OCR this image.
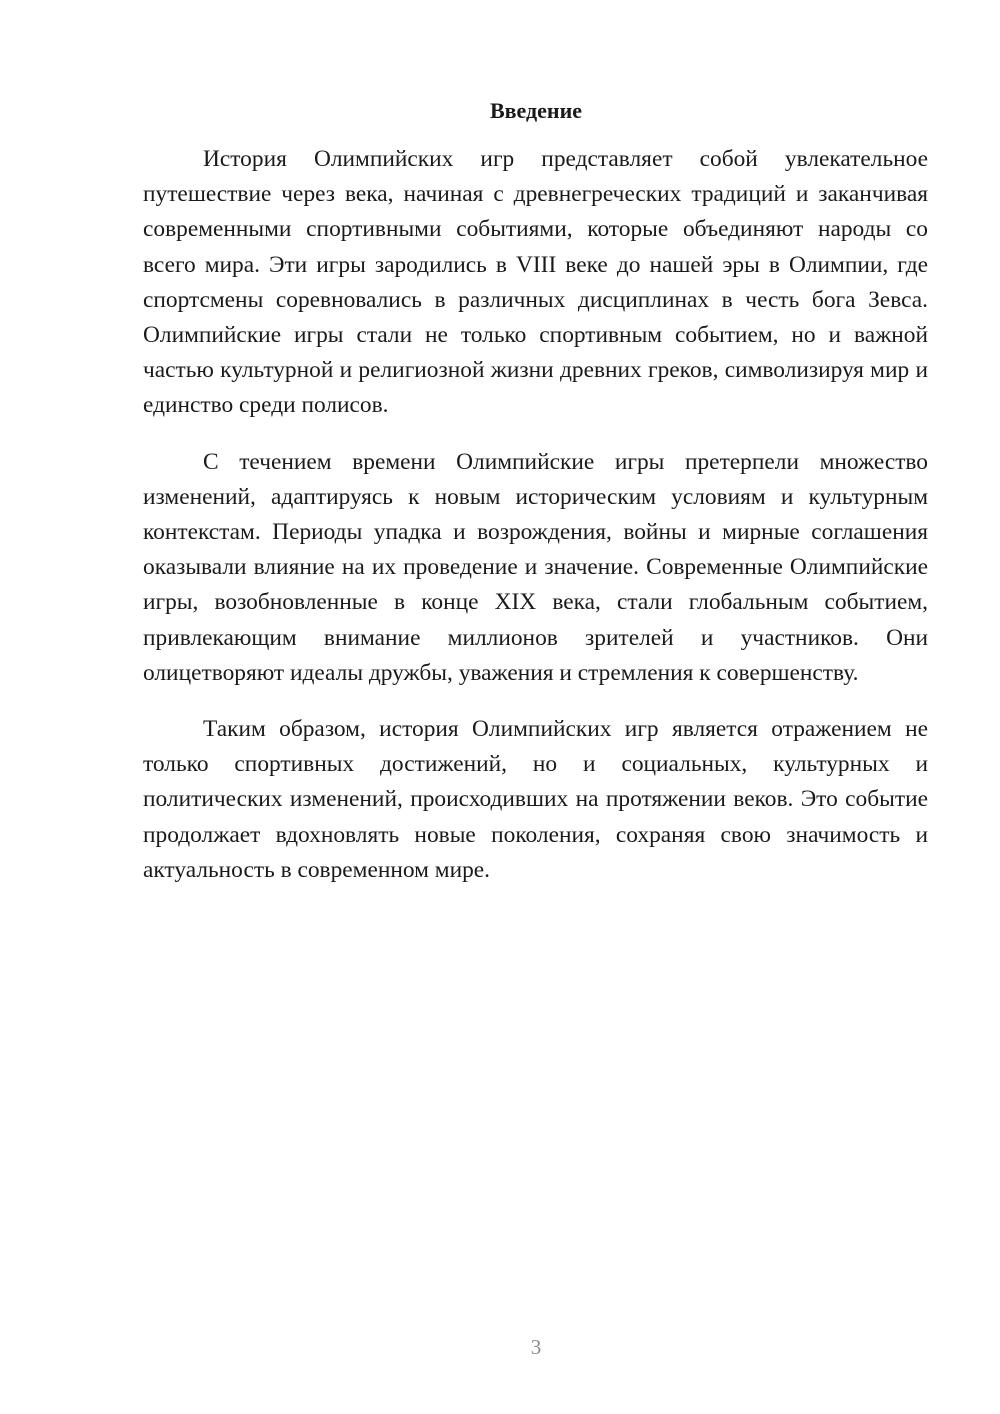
Введение

История Олимпийских игр представляет собой увлекательное путешествие через века, начиная с древнегреческих традиций и заканчивая современными спортивными событиями, которые объединяют народы со всего мира. Эти игры зародились в VIII веке до нашей эры в Олимпии, где спортсмены соревновались в различных дисциплинах в честь бога Зевса. Олимпийские игры стали не только спортивным событием, но и важной частью культурной и религиозной жизни древних греков, символизируя мир и единство среди полисов.

С течением времени Олимпийские игры претерпели множество изменений, адаптируясь к новым историческим условиям и культурным контекстам. Периоды упадка и возрождения, войны и мирные соглашения оказывали влияние на их проведение и значение. Современные Олимпийские игры, возобновленные в конце XIX века, стали глобальным событием, привлекающим внимание миллионов зрителей и участников. Они олицетворяют идеалы дружбы, уважения и стремления к совершенству.

Таким образом, история Олимпийских игр является отражением не только спортивных достижений, но и социальных, культурных и политических изменений, происходивших на протяжении веков. Это событие продолжает вдохновлять новые поколения, сохраняя свою значимость и актуальность в современном мире.

3
